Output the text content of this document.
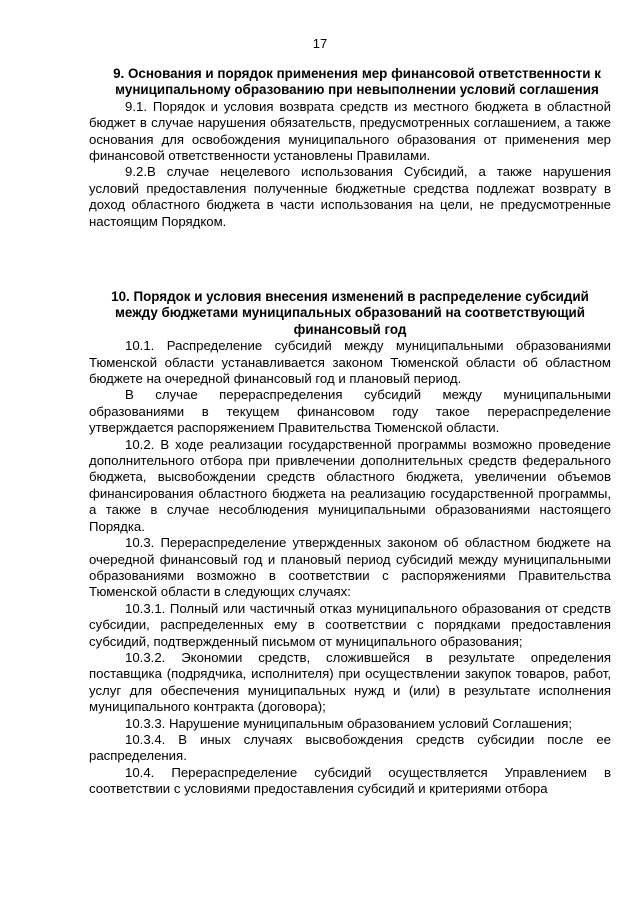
17
9. Основания и порядок применения мер финансовой ответственности к муниципальному образованию при невыполнении условий соглашения

9.1. Порядок и условия возврата средств из местного бюджета в областной бюджет в случае нарушения обязательств, предусмотренных соглашением, а также основания для освобождения муниципального образования от применения мер финансовой ответственности установлены Правилами.

9.2.В случае нецелевого использования Субсидий, а также нарушения условий предоставления полученные бюджетные средства подлежат возврату в доход областного бюджета в части использования на цели, не предусмотренные настоящим Порядком.

10. Порядок и условия внесения изменений в распределение субсидий между бюджетами муниципальных образований на соответствующий финансовый год

10.1. Распределение субсидий между муниципальными образованиями Тюменской области устанавливается законом Тюменской области об областном бюджете на очередной финансовый год и плановый период.

В случае перераспределения субсидий между муниципальными образованиями в текущем финансовом году такое перераспределение утверждается распоряжением Правительства Тюменской области.

10.2. В ходе реализации государственной программы возможно проведение дополнительного отбора при привлечении дополнительных средств федерального бюджета, высвобождении средств областного бюджета, увеличении объемов финансирования областного бюджета на реализацию государственной программы, а также в случае несоблюдения муниципальными образованиями настоящего Порядка.

10.3. Перераспределение утвержденных законом об областном бюджете на очередной финансовый год и плановый период субсидий между муниципальными образованиями возможно в соответствии с распоряжениями Правительства Тюменской области в следующих случаях:

10.3.1. Полный или частичный отказ муниципального образования от средств субсидии, распределенных ему в соответствии с порядками предоставления субсидий, подтвержденный письмом от муниципального образования;

10.3.2. Экономии средств, сложившейся в результате определения поставщика (подрядчика, исполнителя) при осуществлении закупок товаров, работ, услуг для обеспечения муниципальных нужд и (или) в результате исполнения муниципального контракта (договора);

10.3.3. Нарушение муниципальным образованием условий Соглашения;

10.3.4. В иных случаях высвобождения средств субсидии после ее распределения.

10.4. Перераспределение субсидий осуществляется Управлением в соответствии с условиями предоставления субсидий и критериями отбора
